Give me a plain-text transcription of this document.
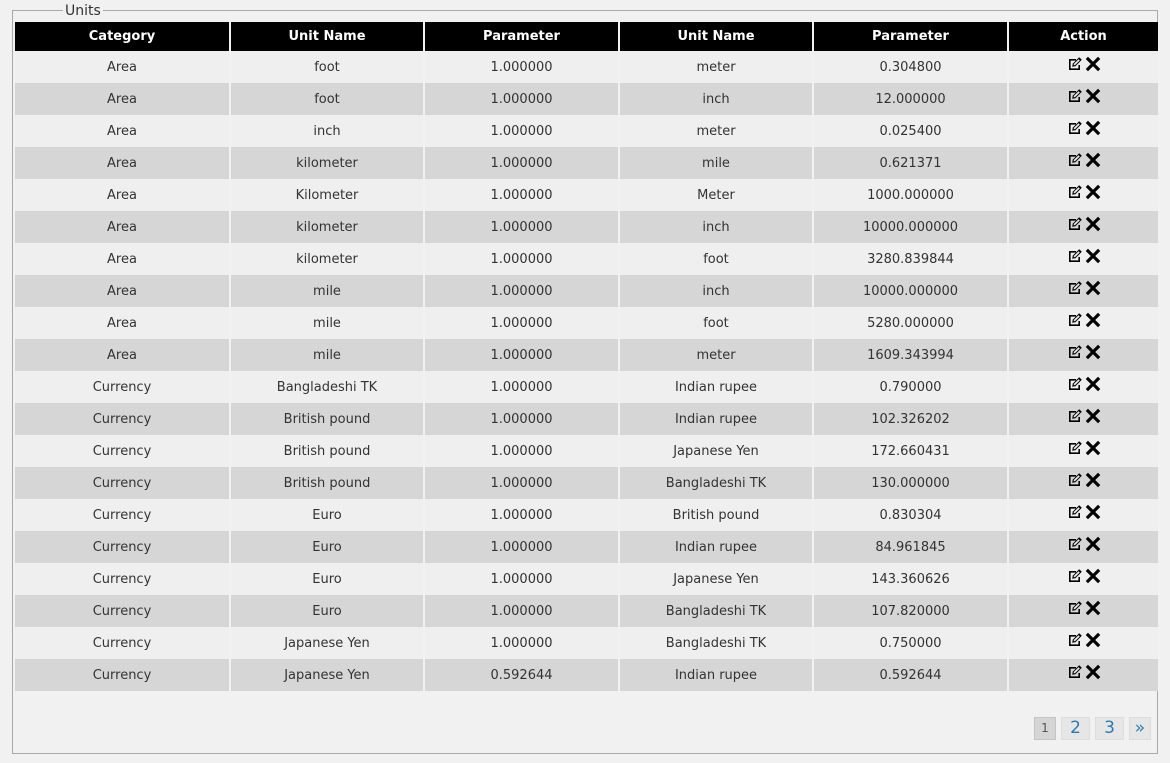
Units
Category	Unit Name	Parameter	Unit Name	Parameter	Action
Area	foot	1.000000	meter	0.304800	
Area	foot	1.000000	inch	12.000000	
Area	inch	1.000000	meter	0.025400	
Area	kilometer	1.000000	mile	0.621371	
Area	Kilometer	1.000000	Meter	1000.000000	
Area	kilometer	1.000000	inch	10000.000000	
Area	kilometer	1.000000	foot	3280.839844	
Area	mile	1.000000	inch	10000.000000	
Area	mile	1.000000	foot	5280.000000	
Area	mile	1.000000	meter	1609.343994	
Currency	Bangladeshi TK	1.000000	Indian rupee	0.790000	
Currency	British pound	1.000000	Indian rupee	102.326202	
Currency	British pound	1.000000	Japanese Yen	172.660431	
Currency	British pound	1.000000	Bangladeshi TK	130.000000	
Currency	Euro	1.000000	British pound	0.830304	
Currency	Euro	1.000000	Indian rupee	84.961845	
Currency	Euro	1.000000	Japanese Yen	143.360626	
Currency	Euro	1.000000	Bangladeshi TK	107.820000	
Currency	Japanese Yen	1.000000	Bangladeshi TK	0.750000	
Currency	Japanese Yen	0.592644	Indian rupee	0.592644	
1	2	3	»
